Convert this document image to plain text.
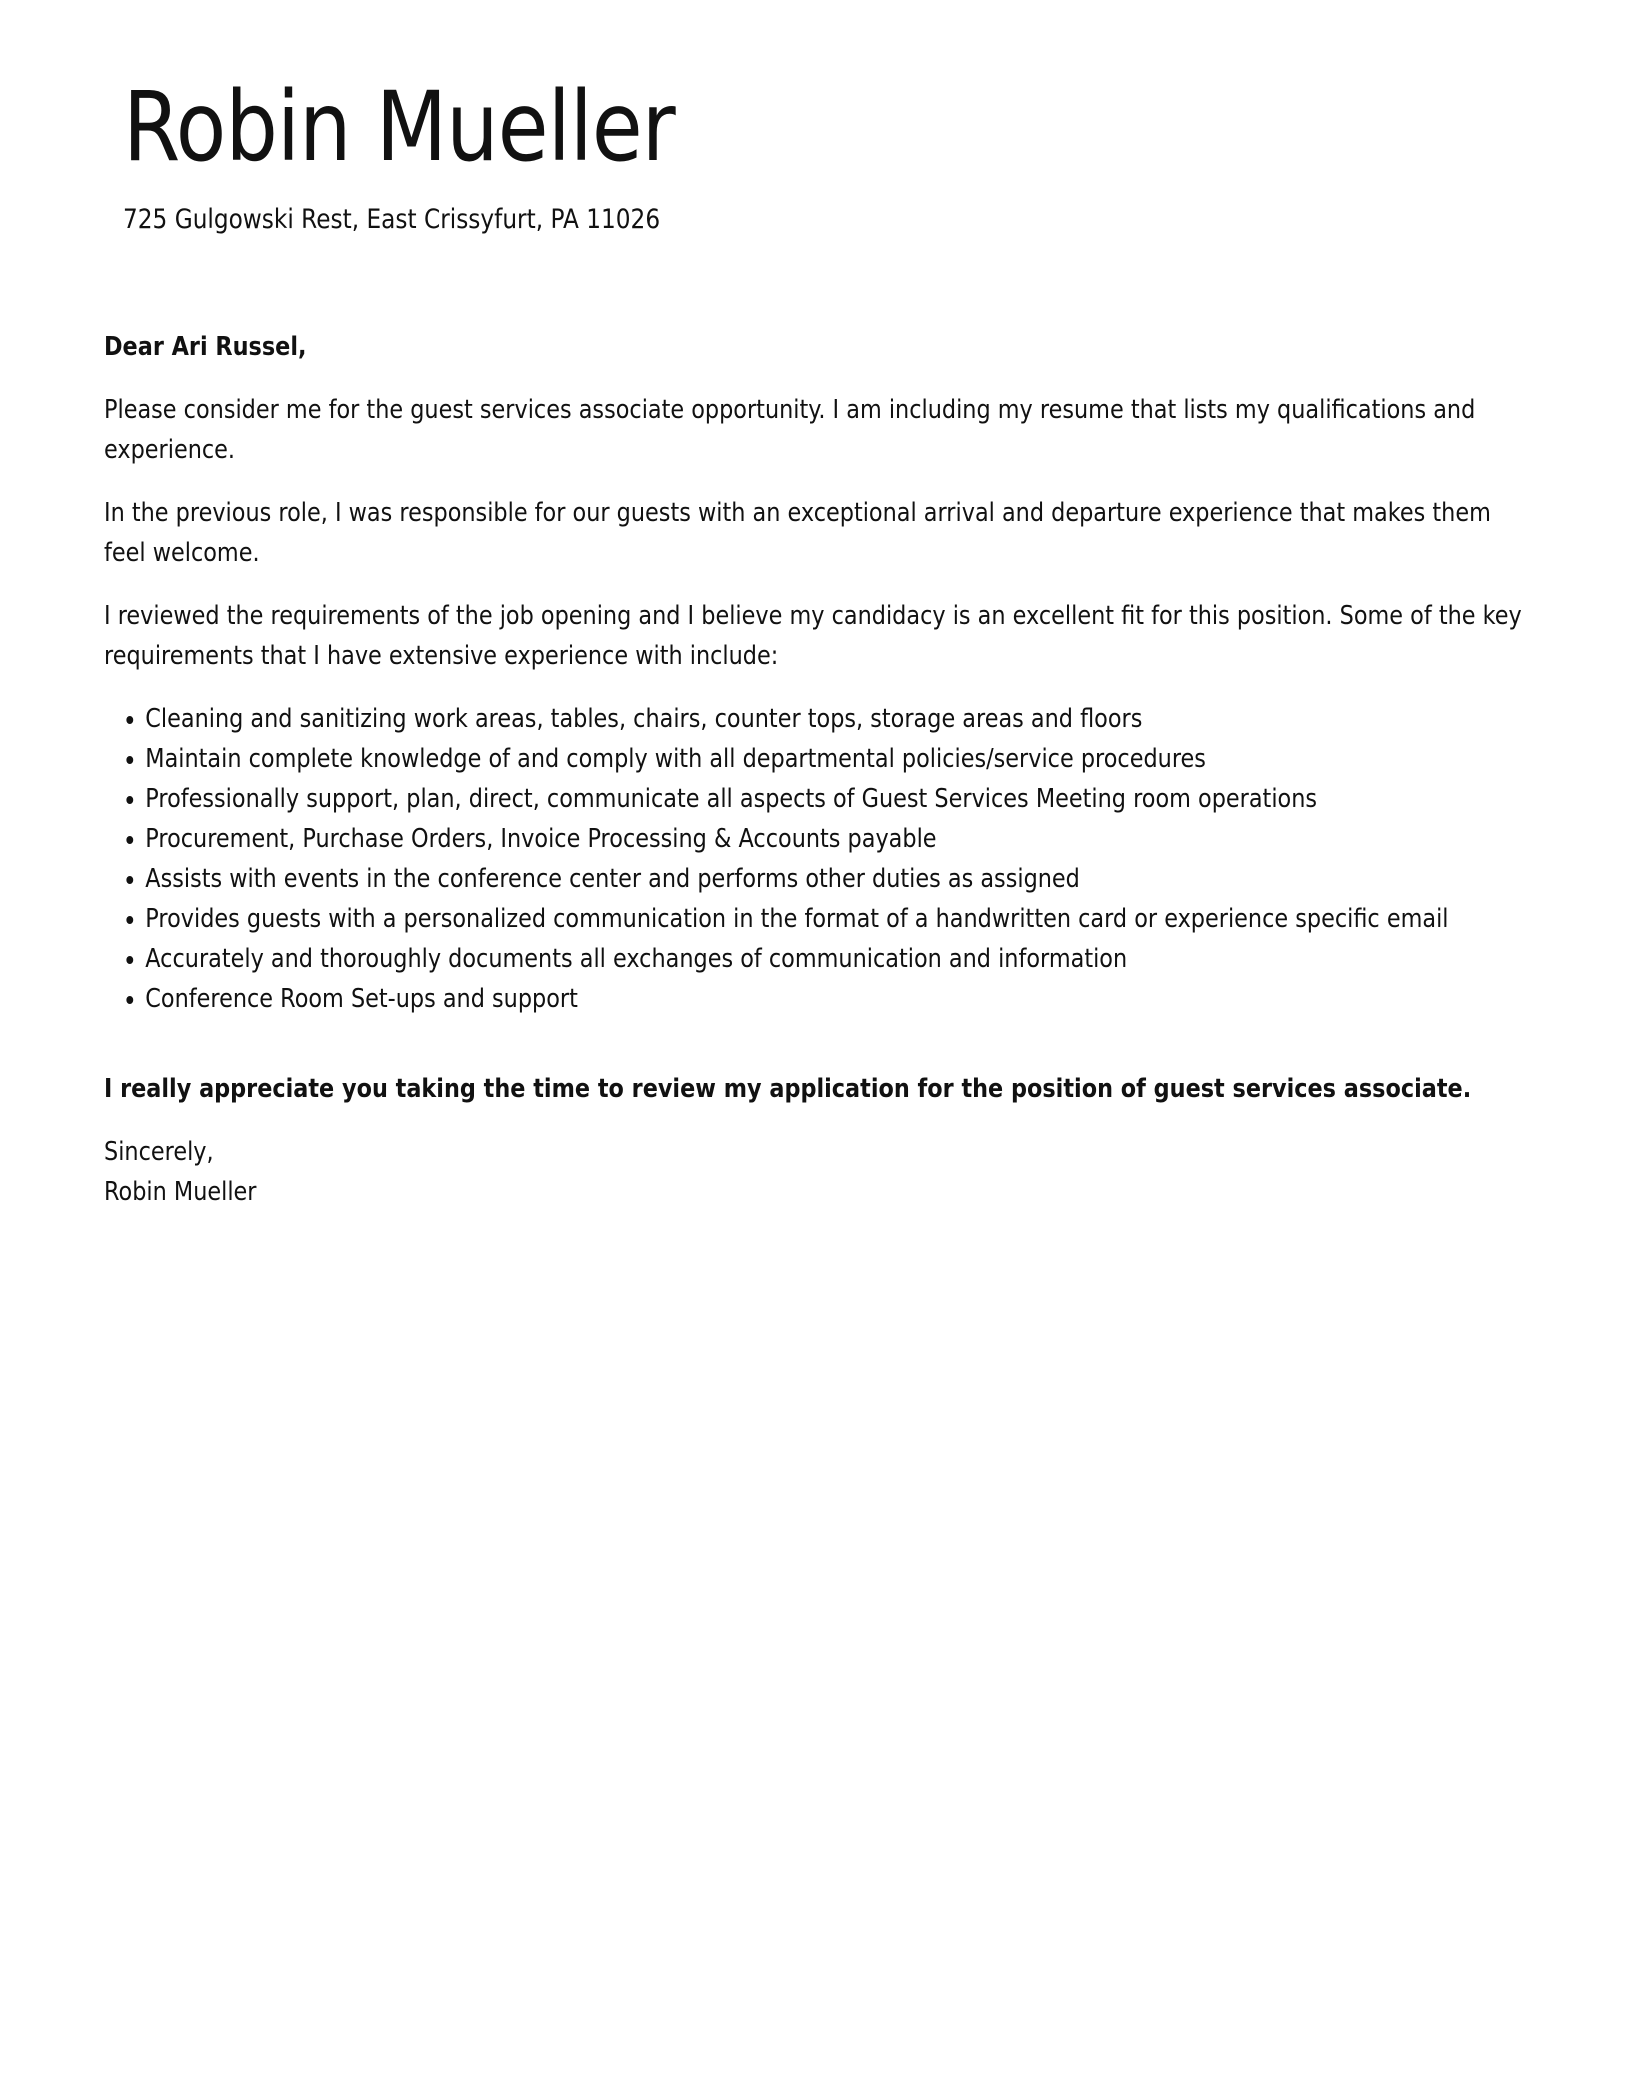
Robin Mueller
725 Gulgowski Rest, East Crissyfurt, PA 11026

Dear Ari Russel,

Please consider me for the guest services associate opportunity. I am including my resume that lists my qualifications and experience.

In the previous role, I was responsible for our guests with an exceptional arrival and departure experience that makes them feel welcome.

I reviewed the requirements of the job opening and I believe my candidacy is an excellent fit for this position. Some of the key requirements that I have extensive experience with include:

• Cleaning and sanitizing work areas, tables, chairs, counter tops, storage areas and floors
• Maintain complete knowledge of and comply with all departmental policies/service procedures
• Professionally support, plan, direct, communicate all aspects of Guest Services Meeting room operations
• Procurement, Purchase Orders, Invoice Processing & Accounts payable
• Assists with events in the conference center and performs other duties as assigned
• Provides guests with a personalized communication in the format of a handwritten card or experience specific email
• Accurately and thoroughly documents all exchanges of communication and information
• Conference Room Set-ups and support

I really appreciate you taking the time to review my application for the position of guest services associate.

Sincerely,

Robin Mueller
